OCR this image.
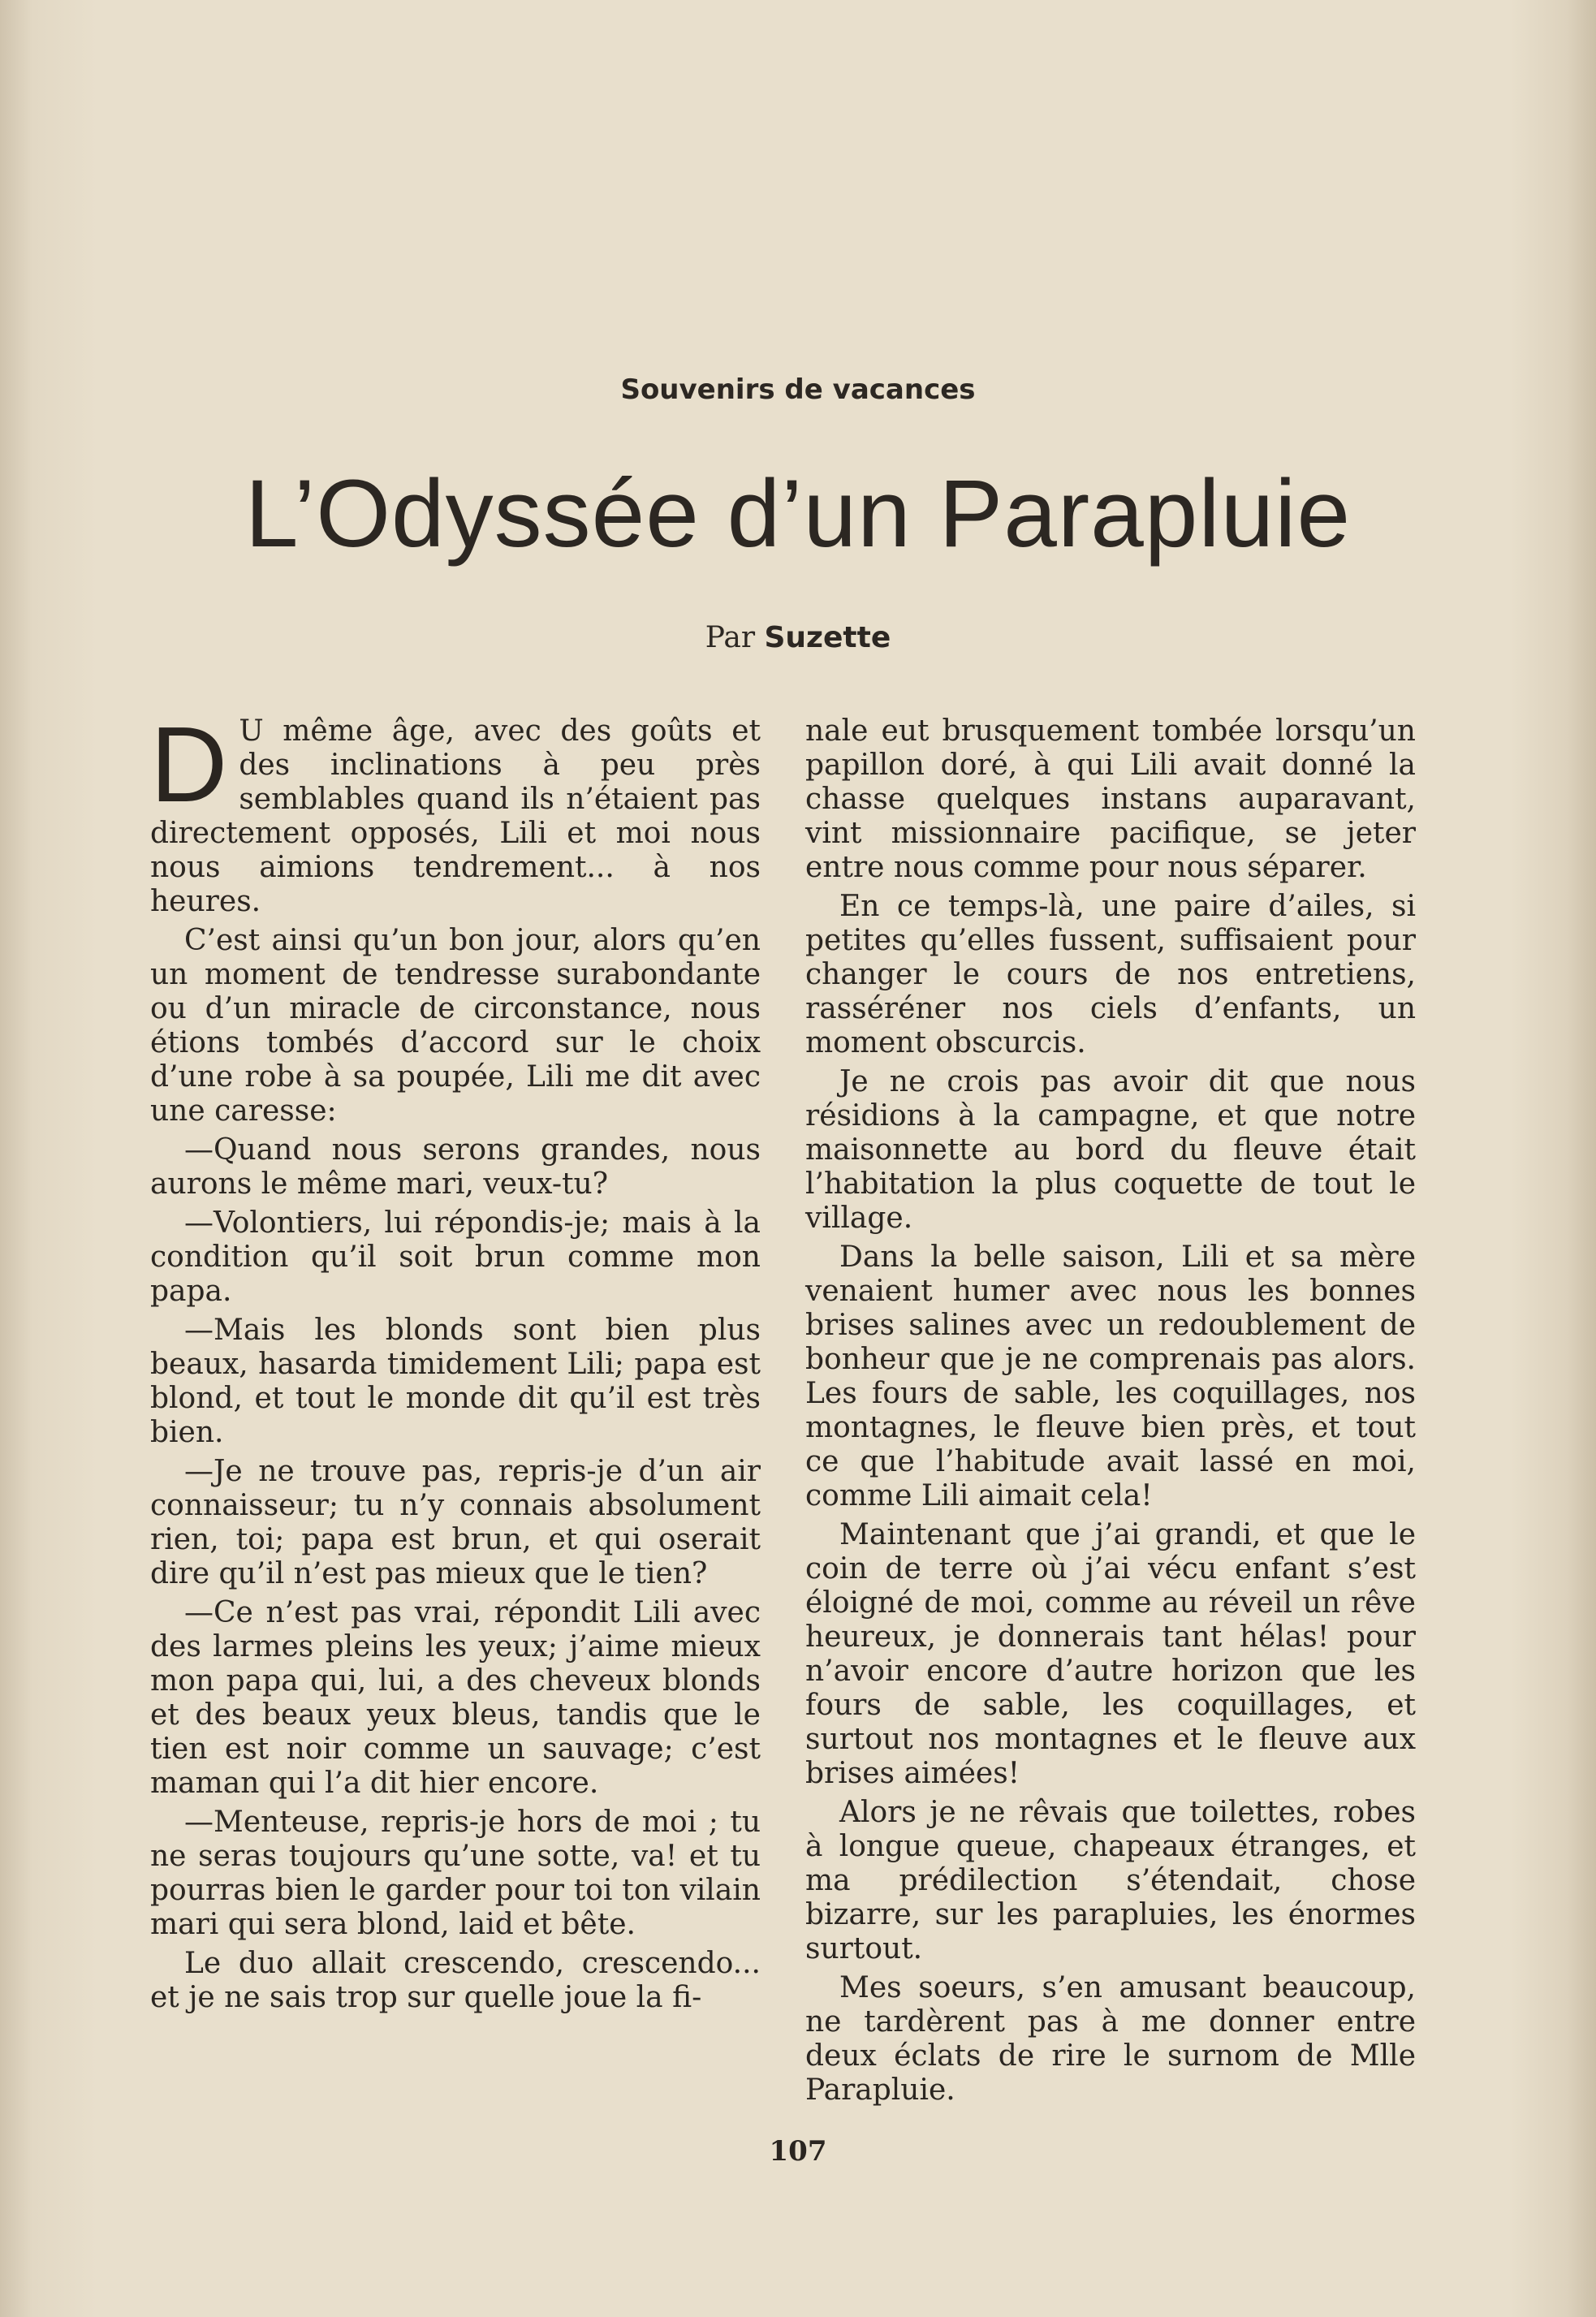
Souvenirs de vacances
L’Odyssée d’un Parapluie
Par Suzette

D U même âge, avec des goûts et des inclinations à peu près semblables quand ils n’étaient pas directement opposés, Lili et moi nous nous aimions tendrement... à nos heures.

C’est ainsi qu’un bon jour, alors qu’en un moment de tendresse surabondante ou d’un miracle de circonstance, nous étions tombés d’accord sur le choix d’une robe à sa poupée, Lili me dit avec une caresse:

—Quand nous serons grandes, nous aurons le même mari, veux-tu?

—Volontiers, lui répondis-je; mais à la condition qu’il soit brun comme mon papa.

—Mais les blonds sont bien plus beaux, hasarda timidement Lili; papa est blond, et tout le monde dit qu’il est très bien.

—Je ne trouve pas, repris-je d’un air connaisseur; tu n’y connais absolument rien, toi; papa est brun, et qui oserait dire qu’il n’est pas mieux que le tien?

—Ce n’est pas vrai, répondit Lili avec des larmes pleins les yeux; j’aime mieux mon papa qui, lui, a des cheveux blonds et des beaux yeux bleus, tandis que le tien est noir comme un sauvage; c’est maman qui l’a dit hier encore.

—Menteuse, repris-je hors de moi ; tu ne seras toujours qu’une sotte, va! et tu pourras bien le garder pour toi ton vilain mari qui sera blond, laid et bête.

Le duo allait crescendo, crescendo... et je ne sais trop sur quelle joue la fi-

nale eut brusquement tombée lorsqu’un papillon doré, à qui Lili avait donné la chasse quelques instans auparavant, vint missionnaire pacifique, se jeter entre nous comme pour nous séparer.

En ce temps-là, une paire d’ailes, si petites qu’elles fussent, suffisaient pour changer le cours de nos entretiens, rasséréner nos ciels d’enfants, un moment obscurcis.

Je ne crois pas avoir dit que nous résidions à la campagne, et que notre maisonnette au bord du fleuve était l’habitation la plus coquette de tout le village.

Dans la belle saison, Lili et sa mère venaient humer avec nous les bonnes brises salines avec un redoublement de bonheur que je ne comprenais pas alors. Les fours de sable, les coquillages, nos montagnes, le fleuve bien près, et tout ce que l’habitude avait lassé en moi, comme Lili aimait cela!

Maintenant que j’ai grandi, et que le coin de terre où j’ai vécu enfant s’est éloigné de moi, comme au réveil un rêve heureux, je donnerais tant hélas! pour n’avoir encore d’autre horizon que les fours de sable, les coquillages, et surtout nos montagnes et le fleuve aux brises aimées!

Alors je ne rêvais que toilettes, robes à longue queue, chapeaux étranges, et ma prédilection s’étendait, chose bizarre, sur les parapluies, les énormes surtout.

Mes soeurs, s’en amusant beaucoup, ne tardèrent pas à me donner entre deux éclats de rire le surnom de Mlle Parapluie.

107
